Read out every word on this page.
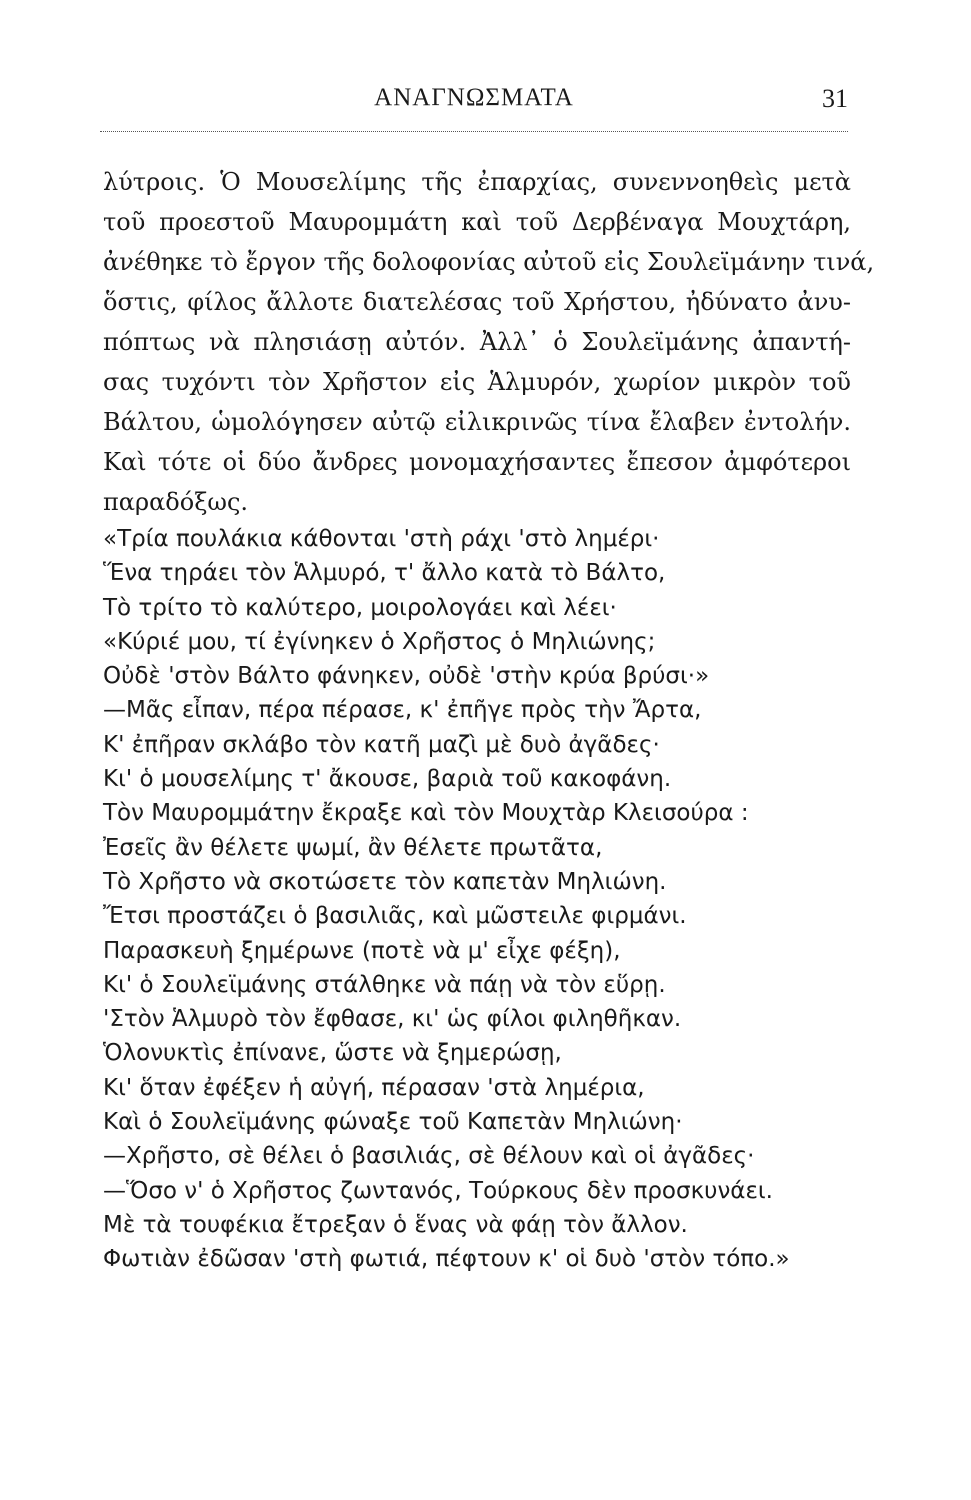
ΑΝΑΓΝΩΣΜΑΤΑ	31
λύτροις. Ὁ Μουσελίμης τῆς ἐπαρχίας, συνεννοηθεὶς μετὰ
τοῦ προεστοῦ Μαυρομμάτη καὶ τοῦ Δερβέναγα Μουχτάρη,
ἀνέθηκε τὸ ἔργον τῆς δολοφονίας αὐτοῦ εἰς Σουλεϊμάνην τινά,
ὅστις, φίλος ἄλλοτε διατελέσας τοῦ Χρήστου, ἠδύνατο ἀνυ-
πόπτως νὰ πλησιάσῃ αὐτόν. Ἀλλ᾽ ὁ Σουλεϊμάνης ἀπαντή-
σας τυχόντι τὸν Χρῆστον εἰς Ἁλμυρόν, χωρίον μικρὸν τοῦ
Βάλτου, ὡμολόγησεν αὐτῷ εἰλικρινῶς τίνα ἔλαβεν ἐντολήν.
Καὶ τότε οἱ δύο ἄνδρες μονομαχήσαντες ἔπεσον ἀμφότεροι
παραδόξως.
«Τρία πουλάκια κάθονται 'στὴ ράχι 'στὸ λημέρι·
Ἕνα τηράει τὸν Ἁλμυρό, τ' ἄλλο κατὰ τὸ Βάλτο,
Τὸ τρίτο τὸ καλύτερο, μοιρολογάει καὶ λέει·
«Κύριέ μου, τί ἐγίνηκεν ὁ Χρῆστος ὁ Μηλιώνης;
Οὐδὲ 'στὸν Βάλτο φάνηκεν, οὐδὲ 'στὴν κρύα βρύσι·»
—Μᾶς εἶπαν, πέρα πέρασε, κ' ἐπῆγε πρὸς τὴν Ἄρτα,
Κ' ἐπῆραν σκλάβο τὸν κατῆ μαζὶ μὲ δυὸ ἀγᾶδες·
Κι' ὁ μουσελίμης τ' ἄκουσε, βαριὰ τοῦ κακοφάνη.
Τὸν Μαυρομμάτην ἔκραξε καὶ τὸν Μουχτὰρ Κλεισούρα :
Ἐσεῖς ἂν θέλετε ψωμί, ἂν θέλετε πρωτᾶτα,
Τὸ Χρῆστο νὰ σκοτώσετε τὸν καπετὰν Μηλιώνη.
Ἔτσι προστάζει ὁ βασιλιᾶς, καὶ μῶστειλε φιρμάνι.
Παρασκευὴ ξημέρωνε (ποτὲ νὰ μ' εἶχε φέξη),
Κι' ὁ Σουλεϊμάνης στάλθηκε νὰ πάῃ νὰ τὸν εὕρῃ.
'Στὸν Ἁλμυρὸ τὸν ἔφθασε, κι' ὡς φίλοι φιληθῆκαν.
Ὁλονυκτὶς ἐπίνανε, ὥστε νὰ ξημερώσῃ,
Κι' ὅταν ἐφέξεν ἡ αὐγή, πέρασαν 'στὰ λημέρια,
Καὶ ὁ Σουλεϊμάνης φώναξε τοῦ Καπετὰν Μηλιώνη·
—Χρῆστο, σὲ θέλει ὁ βασιλιάς, σὲ θέλουν καὶ οἱ ἀγᾶδες·
—Ὅσο ν' ὁ Χρῆστος ζωντανός, Τούρκους δὲν προσκυνάει.
Μὲ τὰ τουφέκια ἔτρεξαν ὁ ἕνας νὰ φάῃ τὸν ἄλλον.
Φωτιὰν ἐδῶσαν 'στὴ φωτιά, πέφτουν κ' οἱ δυὸ 'στὸν τόπο.»
